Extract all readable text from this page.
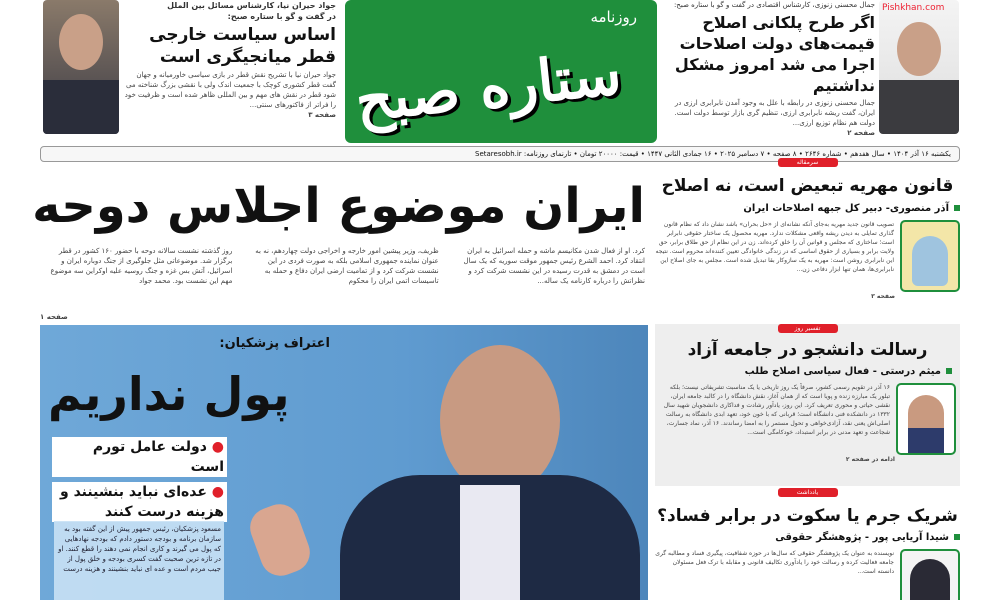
جواد حیران نیا، کارشناس مسائل بین الملل
در گفت و گو با ستاره صبح:
اساس سیاست خارجی قطر میانجیگری است
جواد حیران نیا با تشریح نقش قطر در بازی سیاسی خاورمیانه و جهان گفت قطر کشوری کوچک با جمعیت اندک ولی با نقشی بزرگ شناخته می شود قطر در نقش های مهم و بین المللی ظاهر شده است و ظرفیت خود را فراتر از فاکتورهای سنتی...
صفحه ۳
روزنامه
ستاره صبح
جمال محسنی زنوزی، کارشناس اقتصادی در گفت و گو با ستاره صبح:
اگر طرح پلکانی اصلاح قیمت‌های دولت اصلاحات اجرا می شد امروز مشکل نداشتیم
جمال محسنی زنوزی در رابطه با علل به وجود آمدن نابرابری ارزی در ایران، گفت ریشه نابرابری ارزی، تنظیم گری بازار توسط دولت است. دولت هم نظام توزیع ارزی...
صفحه ۲
Pishkhan.com
یکشنبه ۱۶ آذر ۱۴۰۴ • سال هفدهم • شماره ۲۶۴۶ • ۸ صفحه • ۷ دسامبر ۲۰۲۵ • ۱۶ جمادی الثانی ۱۴۴۷ • قیمت: ۲۰۰۰۰ تومان • تارنمای روزنامه: Setaresobh.ir
ایران موضوع اجلاس دوحه
روز گذشته نشست سالانه دوحه با حضور ۱۶۰ کشور در قطر برگزار شد. موضوعاتی مثل جلوگیری از جنگ دوباره ایران و اسرائیل، آتش بس غزه و جنگ روسیه علیه اوکراین سه موضوع مهم این نشست بود. محمد جواد
ظریف، وزیر پیشین امور خارجه و اخراجی دولت چهاردهم، نه به عنوان نماینده جمهوری اسلامی بلکه به صورت فردی در این نشست شرکت کرد و از تمامیت ارضی ایران دفاع و حمله به تاسیسات اتمی ایران را محکوم
کرد. او از فعال شدن مکانیسم ماشه و حمله اسرائیل به ایران انتقاد کرد. احمد الشرع رئیس جمهور موقت سوریه که یک سال است در دمشق به قدرت رسیده در این نشست شرکت کرد و نظراتش را درباره کارنامه یک ساله...
صفحه ۱
اعتراف پزشکیان:
پول نداریم
● دولت عامل تورم است
● عده‌ای نباید بنشینند و هزینه درست کنند
مسعود پزشکیان، رئیس جمهور پیش از این گفته بود به سازمان برنامه و بودجه دستور دادم که بودجه نهادهایی که پول می گیرند و کاری انجام نمی دهند را قطع کنند. او در تازه ترین صحبت گفت کسری بودجه و خلق پول از جیب مردم است و عده ای نباید بنشینند و هزینه درست
سرمقاله
قانون مهریه تبعیض است، نه اصلاح
آذر منصوری- دبیر کل جبهه اصلاحات ایران
تصویب قانون جدید مهریه به‌جای آنکه نشانه‌ای از «حل بحران» باشد نشان داد که نظام قانون گذاری تمایلی به دیدن ریشه واقعی مشکلات ندارد. مهریه محصول یک ساختار حقوقی نابرابر است؛ ساختاری که مجلس و قوانین آن را خلق کرده‌اند. زن در این نظام از حق طلاق برابر، حق ولایت برابر و بسیاری از حقوق اساسی که در زندگی خانوادگی تعیین کننده‌اند محروم است. نتیجه این نابرابری روشن است: مهریه به یک سازوکار بقا تبدیل شده است. مجلس به جای اصلاح این نابرابری‌ها، همان تنها ابزار دفاعی زن...
صفحه ۳
تفسیر روز
رسالت دانشجو در جامعه آزاد
میثم درستی - فعال سیاسی اصلاح طلب
۱۶ آذر در تقویم رسمی کشور، صرفاً یک روز تاریخی یا یک مناسبت تشریفاتی نیست؛ بلکه تبلور یک مبارزه زنده و پویا است که از همان آغاز، نقش دانشگاه را در کالبد جامعه ایران، نقشی حیاتی و محوری تعریف کرد. این روز، یادآور رشادت و فداکاری دانشجویان شهید سال ۱۳۳۲ در دانشکده فنی دانشگاه است؛ قربانی که با خون خود، تعهد ابدی دانشگاه به رسالت اصلی‌اش یعنی نقد، آزادی‌خواهی و تحول مستمر را به امضا رساندند. ۱۶ آذر، نماد جسارت، شجاعت و تعهد مدنی در برابر استبداد، خودکامگی است...
ادامه در صفحه ۲
یادداشت
شریک جرم یا سکوت در برابر فساد؟
شیدا آریایی پور - پژوهشگر حقوقی
نویسنده به عنوان یک پژوهشگر حقوقی که سال‌ها در حوزه شفافیت، پیگیری فساد و مطالبه گری جامعه فعالیت کرده و رسالت خود را یادآوری تکالیف قانونی و مقابله با ترک فعل مسئولان دانسته است...
